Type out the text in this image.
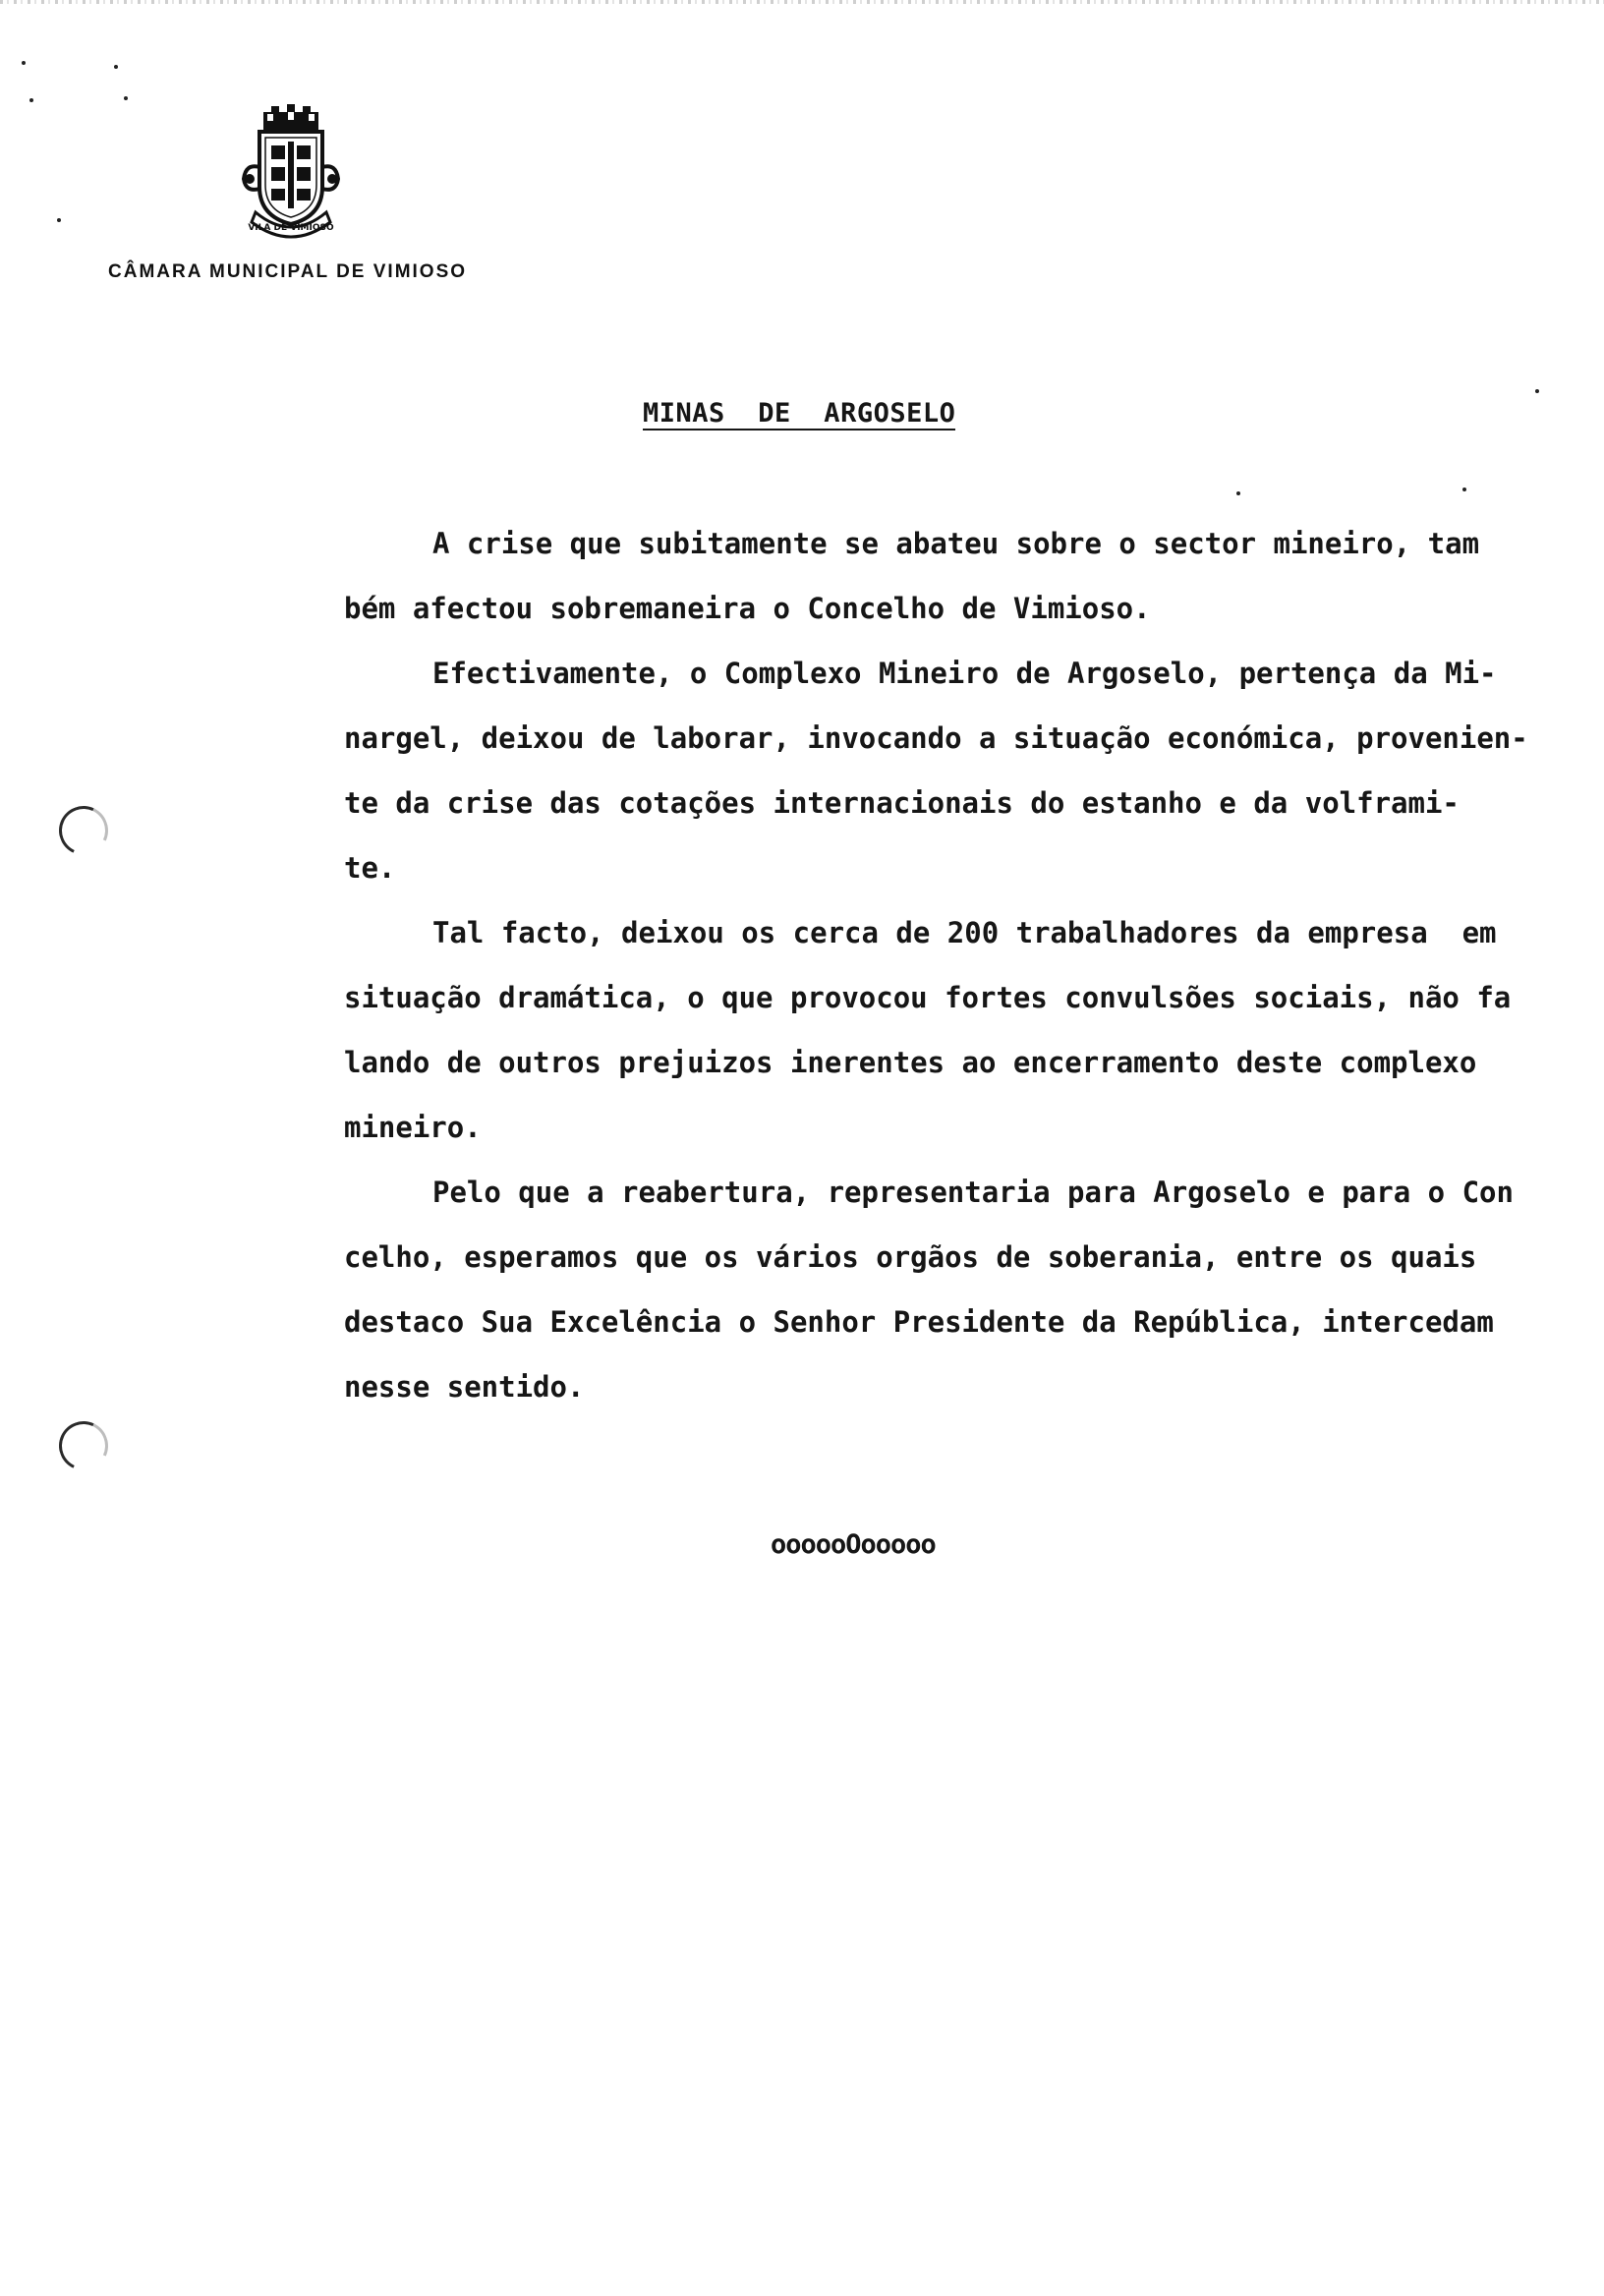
VILA DE VIMIOSO
CÂMARA MUNICIPAL DE VIMIOSO
MINAS  DE  ARGOSELO
A crise que subitamente se abateu sobre o sector mineiro, tam
bém afectou sobremaneira o Concelho de Vimioso.
Efectivamente, o Complexo Mineiro de Argoselo, pertença da Mi-
nargel, deixou de laborar, invocando a situação económica, provenien-
te da crise das cotações internacionais do estanho e da volframi-
te.
Tal facto, deixou os cerca de 200 trabalhadores da empresa  em
situação dramática, o que provocou fortes convulsões sociais, não fa
lando de outros prejuizos inerentes ao encerramento deste complexo
mineiro.
Pelo que a reabertura, representaria para Argoselo e para o Con
celho, esperamos que os vários orgãos de soberania, entre os quais
destaco Sua Excelência o Senhor Presidente da República, intercedam
nesse sentido.
oooooOooooo
